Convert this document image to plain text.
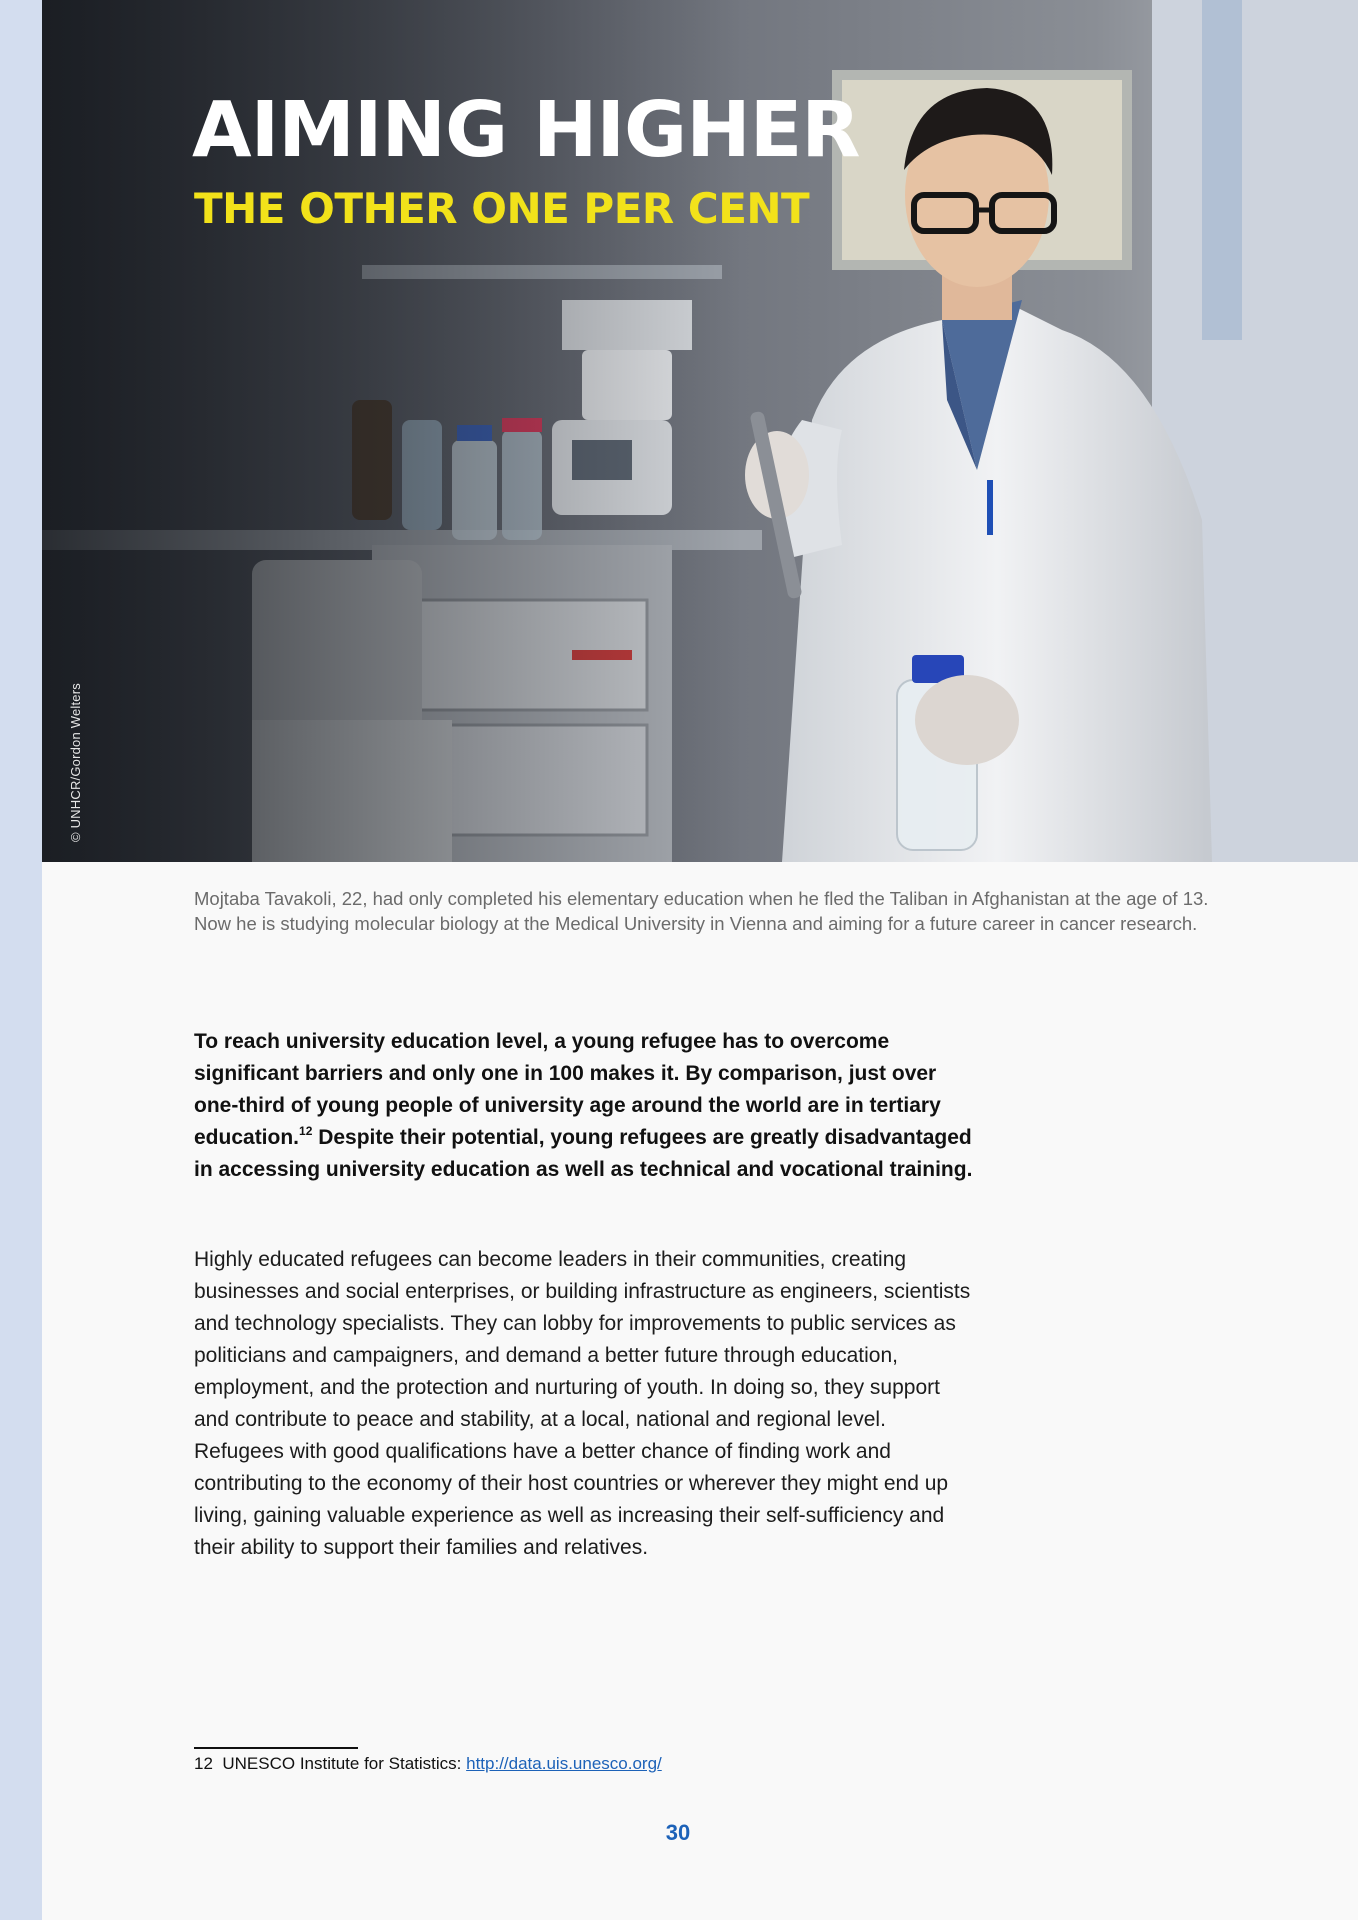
AIMING HIGHER
THE OTHER ONE PER CENT
© UNHCR/Gordon Welters

Mojtaba Tavakoli, 22, had only completed his elementary education when he fled the Taliban in Afghanistan at the age of 13. Now he is studying molecular biology at the Medical University in Vienna and aiming for a future career in cancer research.

To reach university education level, a young refugee has to overcome significant barriers and only one in 100 makes it. By comparison, just over one-third of young people of university age around the world are in tertiary education.$^{12}$ Despite their potential, young refugees are greatly disadvantaged in accessing university education as well as technical and vocational training.

Highly educated refugees can become leaders in their communities, creating businesses and social enterprises, or building infrastructure as engineers, scientists and technology specialists. They can lobby for improvements to public services as politicians and campaigners, and demand a better future through education, employment, and the protection and nurturing of youth. In doing so, they support and contribute to peace and stability, at a local, national and regional level. Refugees with good qualifications have a better chance of finding work and contributing to the economy of their host countries or wherever they might end up living, gaining valuable experience as well as increasing their self-sufficiency and their ability to support their families and relatives.

12 UNESCO Institute for Statistics: http://data.uis.unesco.org/
30
